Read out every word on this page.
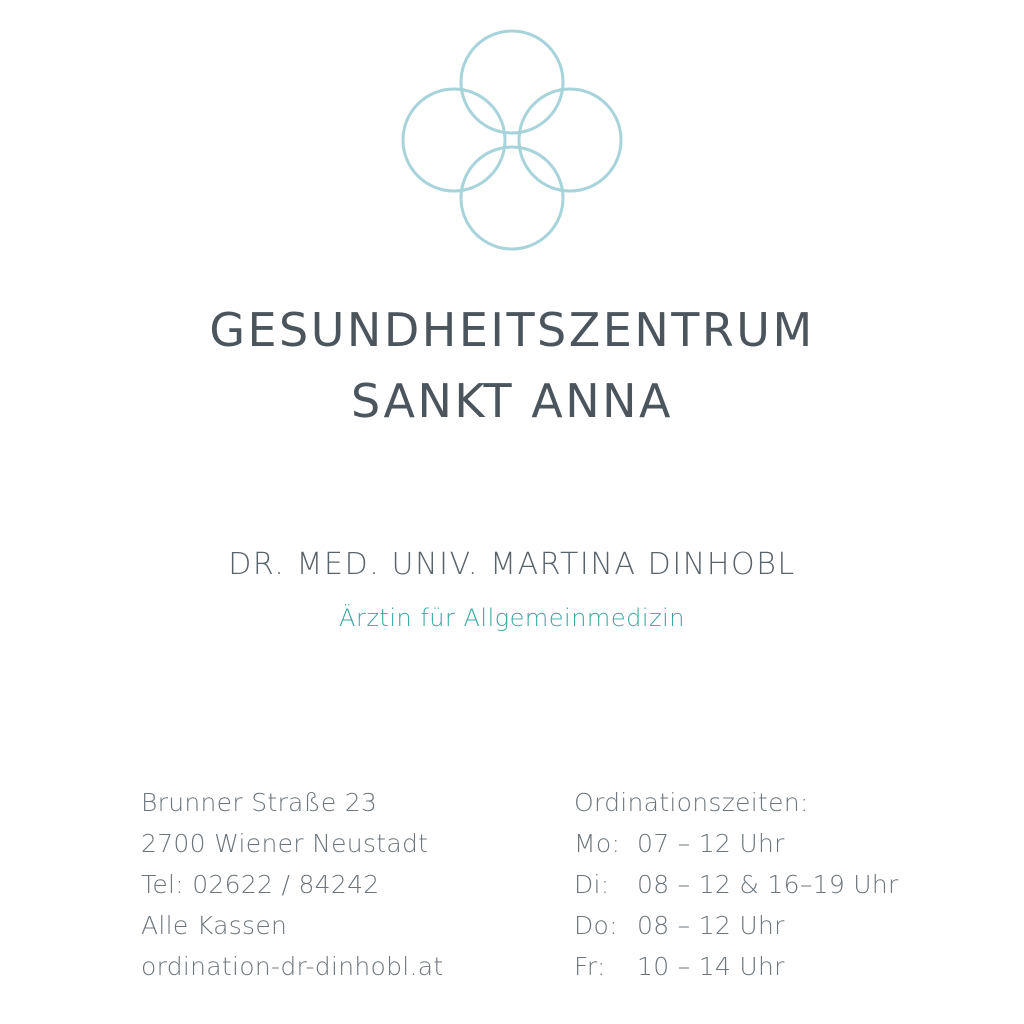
GESUNDHEITSZENTRUM
SANKT ANNA
DR. MED. UNIV. MARTINA DINHOBL
Ärztin für Allgemeinmedizin
Brunner Straße 23
2700 Wiener Neustadt
Tel: 02622 / 84242
Alle Kassen
ordination-dr-dinhobl.at
Ordinationszeiten:
Mo: 07 – 12 Uhr
Di:	08 – 12 & 16–19 Uhr
Do: 08 – 12 Uhr
Fr:	10 – 14 Uhr
